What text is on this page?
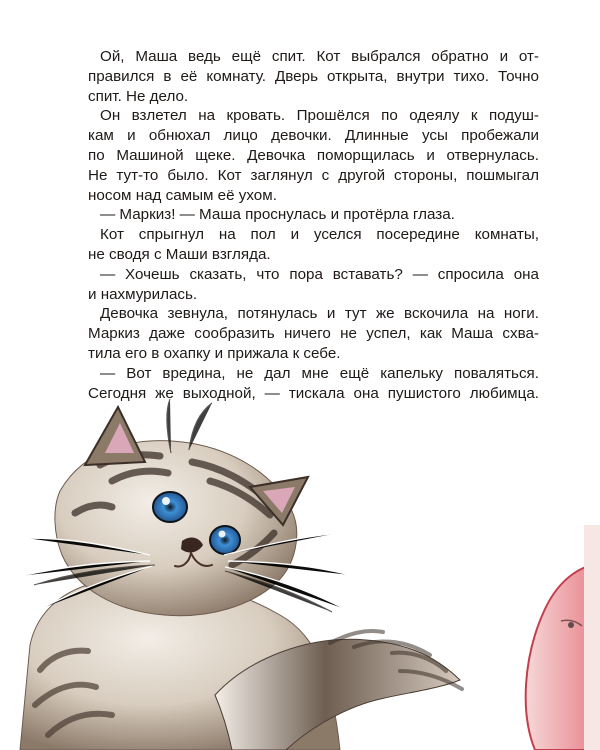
Ой, Маша ведь ещё спит. Кот выбрался обратно и от-
правился в её комнату. Дверь открыта, внутри тихо. Точно
спит. Не дело.

Он взлетел на кровать. Прошёлся по одеялу к подуш-
кам и обнюхал лицо девочки. Длинные усы пробежали
по Машиной щеке. Девочка поморщилась и отвернулась.
Не тут-то было. Кот заглянул с другой стороны, пошмыгал
носом над самым её ухом.

— Маркиз! — Маша проснулась и протёрла глаза.

Кот спрыгнул на пол и уселся посередине комнаты,
не сводя с Маши взгляда.

— Хочешь сказать, что пора вставать? — спросила она
и нахмурилась.

Девочка зевнула, потянулась и тут же вскочила на ноги.
Маркиз даже сообразить ничего не успел, как Маша схва-
тила его в охапку и прижала к себе.

— Вот вредина, не дал мне ещё капельку поваляться.
Сегодня же выходной, — тискала она пушистого любимца.
